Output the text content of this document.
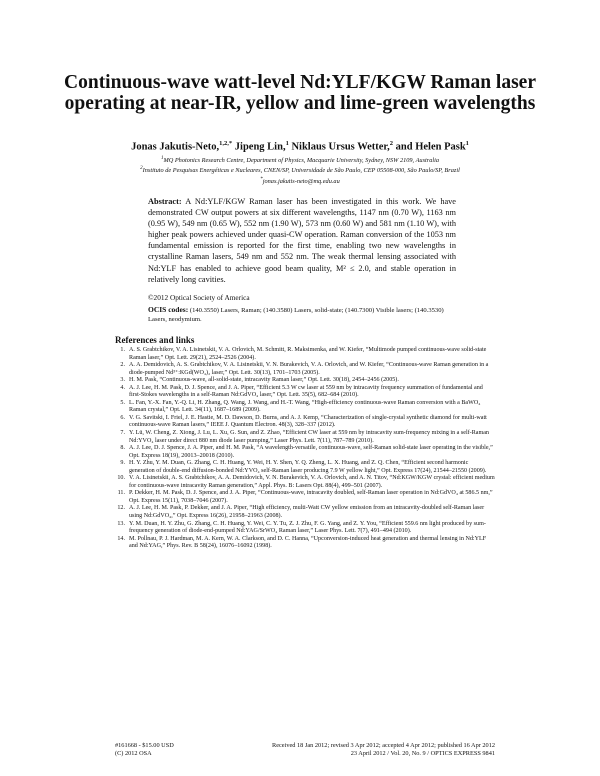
Continuous-wave watt-level Nd:YLF/KGW Raman laser operating at near-IR, yellow and lime-green wavelengths
Jonas Jakutis-Neto,$^{1,2,*}$ Jipeng Lin,$^1$ Niklaus Ursus Wetter,$^2$ and Helen Pask$^1$
$^1$MQ Photonics Research Centre, Department of Physics, Macquarie University, Sydney, NSW 2109, Australia
$^2$Instituto de Pesquisas Energéticas e Nucleares, CNEN/SP, Universidade de São Paulo, CEP 05508-000, São Paulo/SP, Brazil
*jonas.jakutis-neto@mq.edu.au
Abstract: A Nd:YLF/KGW Raman laser has been investigated in this work. We have demonstrated CW output powers at six different wavelengths, 1147 nm (0.70 W), 1163 nm (0.95 W), 549 nm (0.65 W), 552 nm (1.90 W), 573 nm (0.60 W) and 581 nm (1.10 W), with higher peak powers achieved under quasi-CW operation. Raman conversion of the 1053 nm fundamental emission is reported for the first time, enabling two new wavelengths in crystalline Raman lasers, 549 nm and 552 nm. The weak thermal lensing associated with Nd:YLF has enabled to achieve good beam quality, M² ≤ 2.0, and stable operation in relatively long cavities.
©2012 Optical Society of America
OCIS codes: (140.3550) Lasers, Raman; (140.3580) Lasers, solid-state; (140.7300) Visible lasers; (140.3530) Lasers, neodymium.
References and links
1. A. S. Grabtchikov, V. A. Lisinetskii, V. A. Orlovich, M. Schmitt, R. Maksimenka, and W. Kiefer, “Multimode pumped continuous-wave solid-state Raman laser,” Opt. Lett. 29(21), 2524–2526 (2004).
2. A. A. Demidovich, A. S. Grabtchikov, V. A. Lisinetskii, V. N. Burakevich, V. A. Orlovich, and W. Kiefer, “Continuous-wave Raman generation in a diode-pumped Nd³⁺:KGd(WO₄)₂ laser,” Opt. Lett. 30(13), 1701–1703 (2005).
3. H. M. Pask, “Continuous-wave, all-solid-state, intracavity Raman laser,” Opt. Lett. 30(18), 2454–2456 (2005).
4. A. J. Lee, H. M. Pask, D. J. Spence, and J. A. Piper, “Efficient 5.3 W cw laser at 559 nm by intracavity frequency summation of fundamental and first-Stokes wavelengths in a self-Raman Nd:GdVO₄ laser,” Opt. Lett. 35(5), 682–684 (2010).
5. L. Fan, Y.-X. Fan, Y.-Q. Li, H. Zhang, Q. Wang, J. Wang, and H.-T. Wang, “High-efficiency continuous-wave Raman conversion with a BaWO₄ Raman crystal,” Opt. Lett. 34(11), 1687–1689 (2009).
6. V. G. Savitski, I. Friel, J. E. Hastie, M. D. Dawson, D. Burns, and A. J. Kemp, “Characterization of single-crystal synthetic diamond for multi-watt continuous-wave Raman lasers,” IEEE J. Quantum Electron. 48(3), 328–337 (2012).
7. Y. Lü, W. Cheng, Z. Xiong, J. Lu, L. Xu, G. Sun, and Z. Zhao, “Efficient CW laser at 559 nm by intracavity sum-frequency mixing in a self-Raman Nd:YVO₄ laser under direct 880 nm diode laser pumping,” Laser Phys. Lett. 7(11), 787–789 (2010).
8. A. J. Lee, D. J. Spence, J. A. Piper, and H. M. Pask, “A wavelength-versatile, continuous-wave, self-Raman solid-state laser operating in the visible,” Opt. Express 18(19), 20013–20018 (2010).
9. H. Y. Zhu, Y. M. Duan, G. Zhang, C. H. Huang, Y. Wei, H. Y. Shen, Y. Q. Zheng, L. X. Huang, and Z. Q. Chen, “Efficient second harmonic generation of double-end diffusion-bonded Nd:YVO₄ self-Raman laser producing 7.9 W yellow light,” Opt. Express 17(24), 21544–21550 (2009).
10. V. A. Lisinetskii, A. S. Grabtchikov, A. A. Demidovich, V. N. Burakevich, V. A. Orlovich, and A. N. Titov, “Nd:KGW/KGW crystal: efficient medium for continuous-wave intracavity Raman generation,” Appl. Phys. B: Lasers Opt. 88(4), 499–501 (2007).
11. P. Dekker, H. M. Pask, D. J. Spence, and J. A. Piper, “Continuous-wave, intracavity doubled, self-Raman laser operation in Nd:GdVO₄ at 586.5 nm,” Opt. Express 15(11), 7038–7046 (2007).
12. A. J. Lee, H. M. Pask, P. Dekker, and J. A. Piper, “High efficiency, multi-Watt CW yellow emission from an intracavity-doubled self-Raman laser using Nd:GdVO₄,” Opt. Express 16(26), 21958–21963 (2008).
13. Y. M. Duan, H. Y. Zhu, G. Zhang, C. H. Huang, Y. Wei, C. Y. Tu, Z. J. Zhu, F. G. Yang, and Z. Y. You, “Efficient 559.6 nm light produced by sum-frequency generation of diode-end-pumped Nd:YAG/SrWO₄ Raman laser,” Laser Phys. Lett. 7(7), 491–494 (2010).
14. M. Pollnau, P. J. Hardman, M. A. Kern, W. A. Clarkson, and D. C. Hanna, “Upconversion-induced heat generation and thermal lensing in Nd:YLF and Nd:YAG,” Phys. Rev. B 58(24), 16076–16092 (1998).
#161668 - $15.00 USD	Received 18 Jan 2012; revised 3 Apr 2012; accepted 4 Apr 2012; published 16 Apr 2012
(C) 2012 OSA	23 April 2012 / Vol. 20, No. 9 / OPTICS EXPRESS 9841
